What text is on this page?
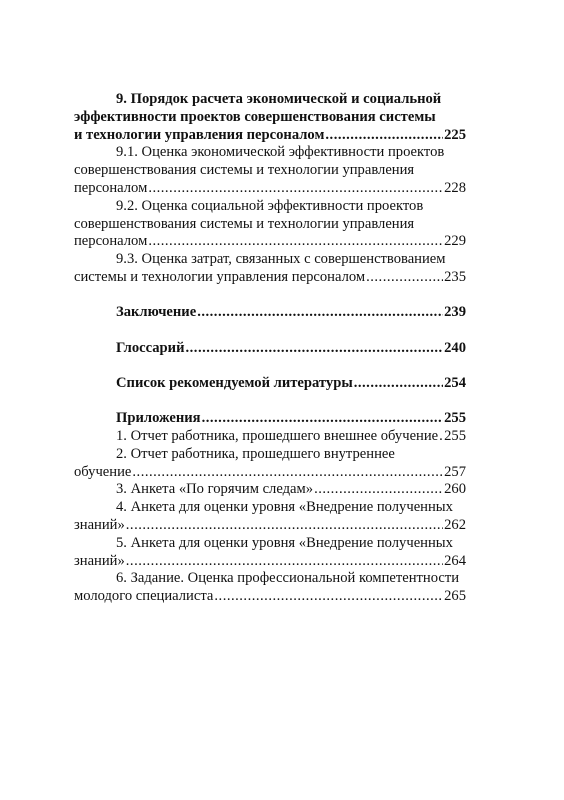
9. Порядок расчета экономической и социальной
эффективности проектов совершенствования системы
и технологии управления персоналом .....	225
9.1. Оценка экономической эффективности проектов
совершенствования системы и технологии управления
персоналом .....	228
9.2. Оценка социальной эффективности проектов
совершенствования системы и технологии управления
персоналом .....	229
9.3. Оценка затрат, связанных с совершенствованием
системы и технологии управления персоналом .....	235
Заключение .....	239
Глоссарий .....	240
Список рекомендуемой литературы .....	254
Приложения .....	255
1. Отчет работника, прошедшего внешнее обучение ..... 255
2. Отчет работника, прошедшего внутреннее
обучение .....	257
3. Анкета «По горячим следам» .....	260
4. Анкета для оценки уровня «Внедрение полученных
знаний» .....	262
5. Анкета для оценки уровня «Внедрение полученных
знаний» .....	264
6. Задание. Оценка профессиональной компетентности
молодого специалиста .....	265
